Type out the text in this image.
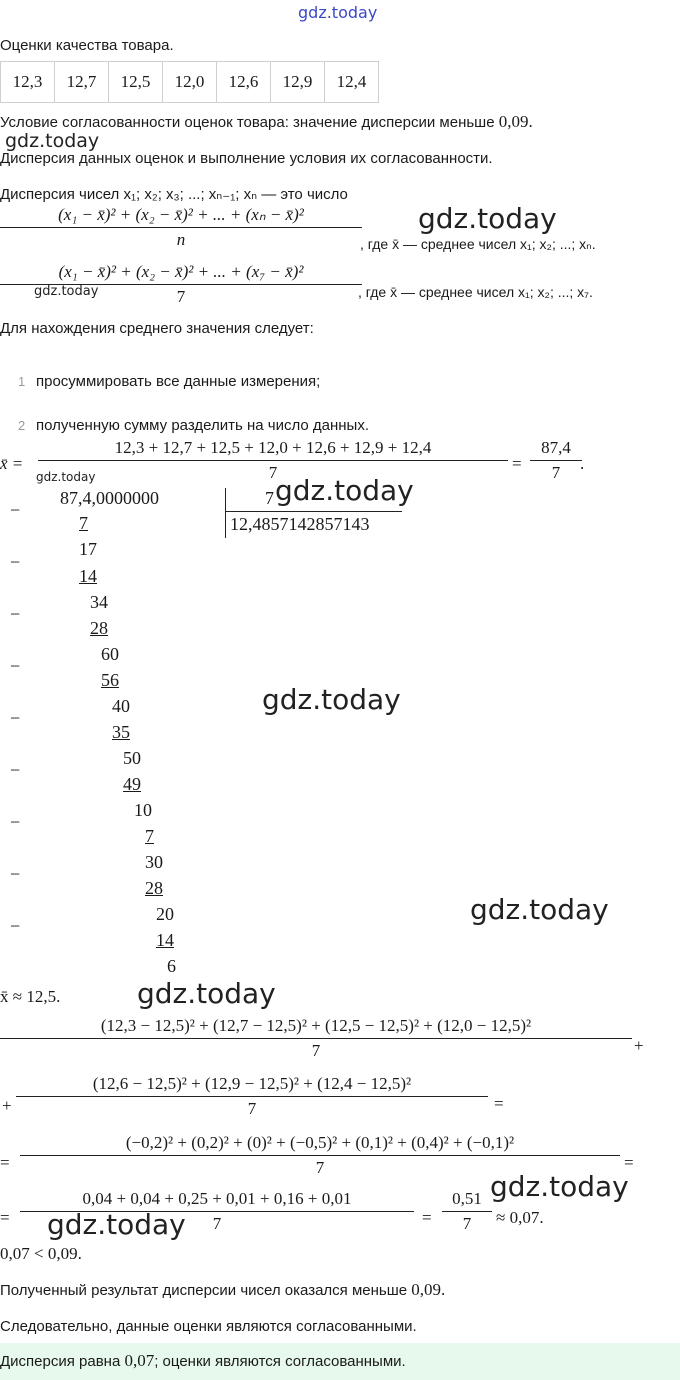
gdz.today
Оценки качества товара.
12,3	12,7	12,5	12,0	12,6	12,9	12,4
Условие согласованности оценок товара: значение дисперсии меньше 0,09.
gdz.today
Дисперсия данных оценок и выполнение условия их согласованности.
Дисперсия чисел x₁; x₂; x₃; ...; xₙ₋₁; xₙ — это число
(x₁ − x̄)² + (x₂ − x̄)² + ... + (xₙ − x̄)²
n	, где x̄ — среднее чисел x₁; x₂; ...; xₙ.
gdz.today
(x₁ − x̄)² + (x₂ − x̄)² + ... + (x₇ − x̄)²
7	, где x̄ — среднее чисел x₁; x₂; ...; x₇.
gdz.today
Для нахождения среднего значения следует:
1 просуммировать все данные измерения;
2 полученную сумму разделить на число данных.
x̄ =
12,3 + 12,7 + 12,5 + 12,0 + 12,6 + 12,9 + 12,4
7	=
87,4
7	.
gdz.today
87,4,0000000	7
12,4857142857143
gdz.today
−
−
−
−
−
−
−
−
−
7
17
14
34
28
60
56
40
35
50
49
10
7
30
28
20
14
6
gdz.today
gdz.today
x̄ ≈ 12,5.	gdz.today
(12,3 − 12,5)² + (12,7 − 12,5)² + (12,5 − 12,5)² + (12,0 − 12,5)²
7	+
+
(12,6 − 12,5)² + (12,9 − 12,5)² + (12,4 − 12,5)²
7	=
=
(−0,2)² + (0,2)² + (0)² + (−0,5)² + (0,1)² + (0,4)² + (−0,1)²
7	=
=
0,04 + 0,04 + 0,25 + 0,01 + 0,16 + 0,01
7	=
0,51
7	≈ 0,07.
gdz.today
gdz.today
0,07 < 0,09.
Полученный результат дисперсии чисел оказался меньше 0,09.
Следовательно, данные оценки являются согласованными.
Дисперсия равна 0,07; оценки являются согласованными.
